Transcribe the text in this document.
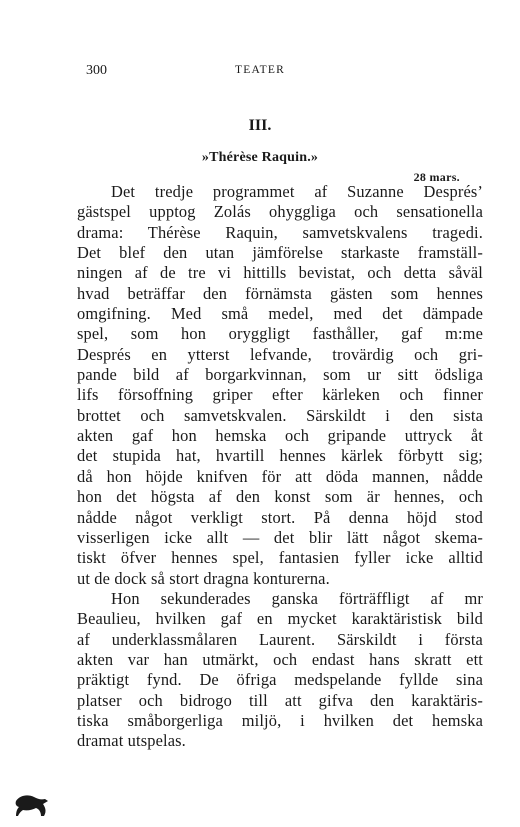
300	TEATER
III.
»Thérèse Raquin.»
28 mars.
Det tredje programmet af Suzanne Després’
gästspel upptog Zolás ohyggliga och sensationella
drama: Thérèse Raquin, samvetskvalens tragedi.
Det blef den utan jämförelse starkaste framställ-
ningen af de tre vi hittills bevistat, och detta såväl
hvad beträffar den förnämsta gästen som hennes
omgifning. Med små medel, med det dämpade
spel, som hon oryggligt fasthåller, gaf m:me
Després en ytterst lefvande, trovärdig och gri-
pande bild af borgarkvinnan, som ur sitt ödsliga
lifs försoffning griper efter kärleken och finner
brottet och samvetskvalen. Särskildt i den sista
akten gaf hon hemska och gripande uttryck åt
det stupida hat, hvartill hennes kärlek förbytt sig;
då hon höjde knifven för att döda mannen, nådde
hon det högsta af den konst som är hennes, och
nådde något verkligt stort. På denna höjd stod
visserligen icke allt — det blir lätt något skema-
tiskt öfver hennes spel, fantasien fyller icke alltid
ut de dock så stort dragna konturerna.
Hon sekunderades ganska förträffligt af mr
Beaulieu, hvilken gaf en mycket karaktäristisk bild
af underklassmålaren Laurent. Särskildt i första
akten var han utmärkt, och endast hans skratt ett
präktigt fynd. De öfriga medspelande fyllde sina
platser och bidrogo till att gifva den karaktäris-
tiska småborgerliga miljö, i hvilken det hemska
dramat utspelas.
